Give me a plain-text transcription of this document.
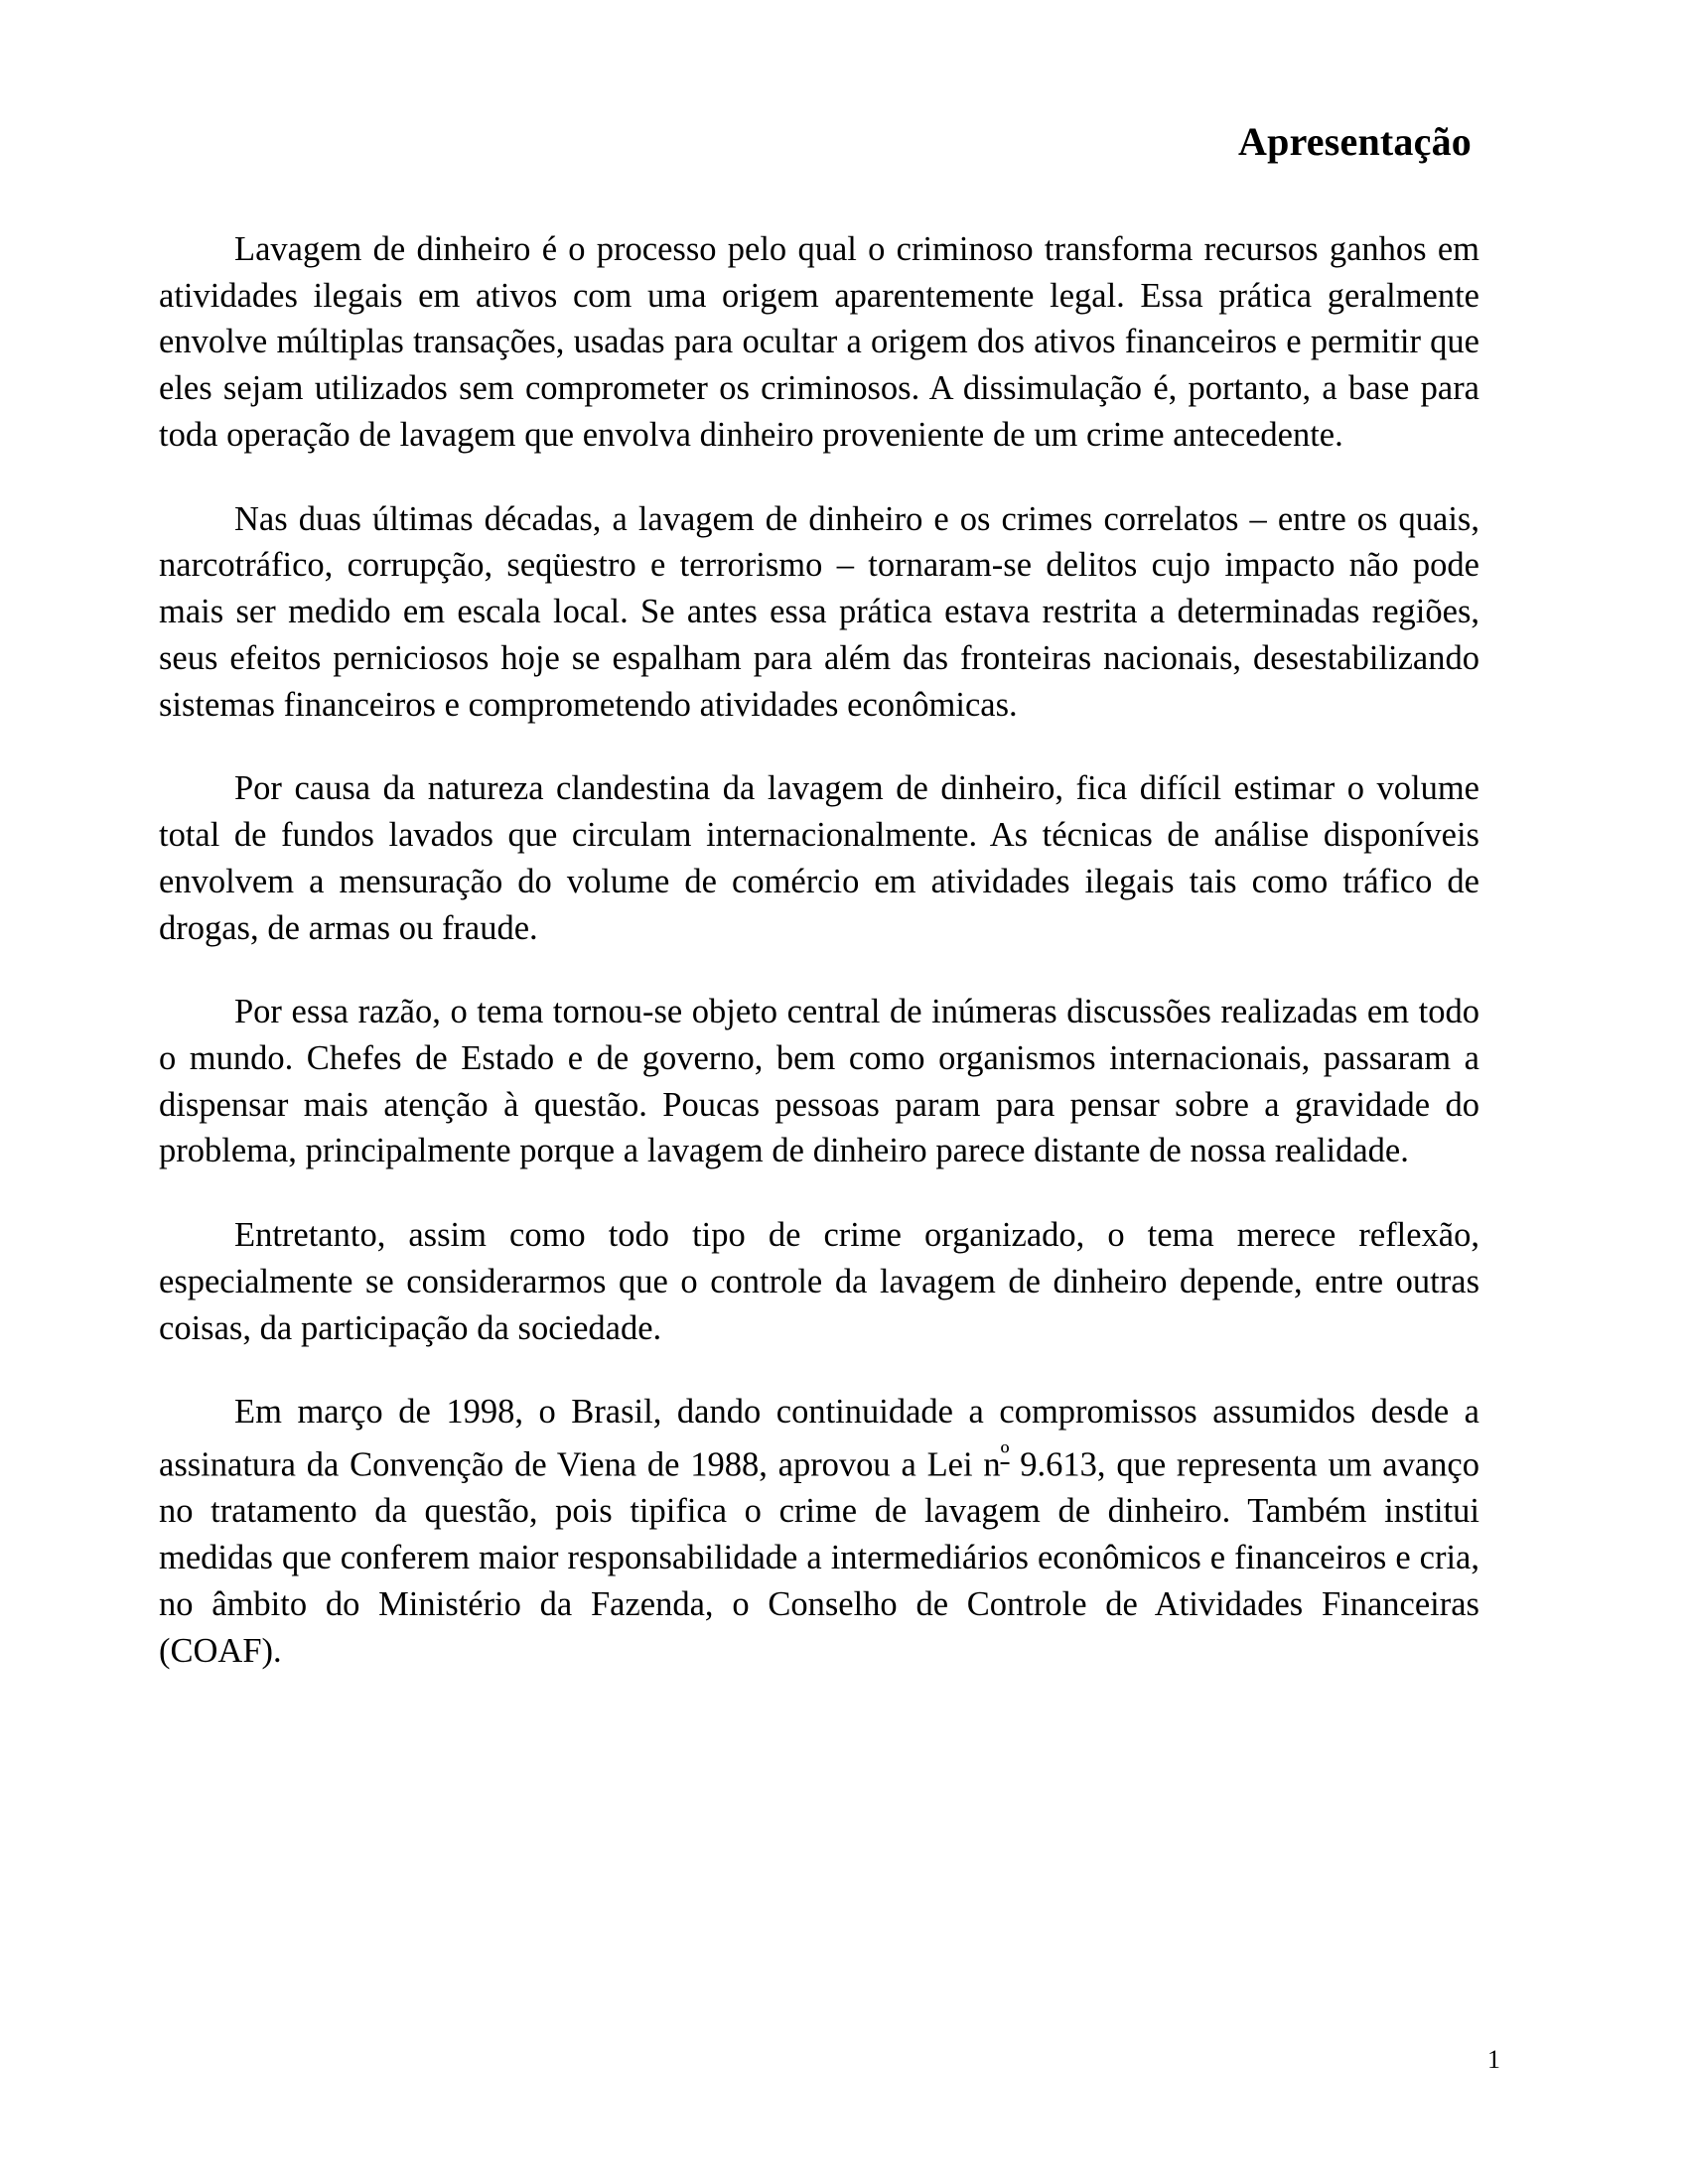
Apresentação

Lavagem de dinheiro é o processo pelo qual o criminoso transforma recursos ganhos em atividades ilegais em ativos com uma origem aparentemente legal. Essa prática geralmente envolve múltiplas transações, usadas para ocultar a origem dos ativos financeiros e permitir que eles sejam utilizados sem comprometer os criminosos. A dissimulação é, portanto, a base para toda operação de lavagem que envolva dinheiro proveniente de um crime antecedente.

Nas duas últimas décadas, a lavagem de dinheiro e os crimes correlatos – entre os quais, narcotráfico, corrupção, seqüestro e terrorismo – tornaram-se delitos cujo impacto não pode mais ser medido em escala local. Se antes essa prática estava restrita a determinadas regiões, seus efeitos perniciosos hoje se espalham para além das fronteiras nacionais, desestabilizando sistemas financeiros e comprometendo atividades econômicas.

Por causa da natureza clandestina da lavagem de dinheiro, fica difícil estimar o volume total de fundos lavados que circulam internacionalmente. As técnicas de análise disponíveis envolvem a mensuração do volume de comércio em atividades ilegais tais como tráfico de drogas, de armas ou fraude.

Por essa razão, o tema tornou-se objeto central de inúmeras discussões realizadas em todo o mundo. Chefes de Estado e de governo, bem como organismos internacionais, passaram a dispensar mais atenção à questão. Poucas pessoas param para pensar sobre a gravidade do problema, principalmente porque a lavagem de dinheiro parece distante de nossa realidade.

Entretanto, assim como todo tipo de crime organizado, o tema merece reflexão, especialmente se considerarmos que o controle da lavagem de dinheiro depende, entre outras coisas, da participação da sociedade.

Em março de 1998, o Brasil, dando continuidade a compromissos assumidos desde a assinatura da Convenção de Viena de 1988, aprovou a Lei $n^º$ 9.613, que representa um avanço no tratamento da questão, pois tipifica o crime de lavagem de dinheiro. Também institui medidas que conferem maior responsabilidade a intermediários econômicos e financeiros e cria, no âmbito do Ministério da Fazenda, o Conselho de Controle de Atividades Financeiras (COAF).

1
